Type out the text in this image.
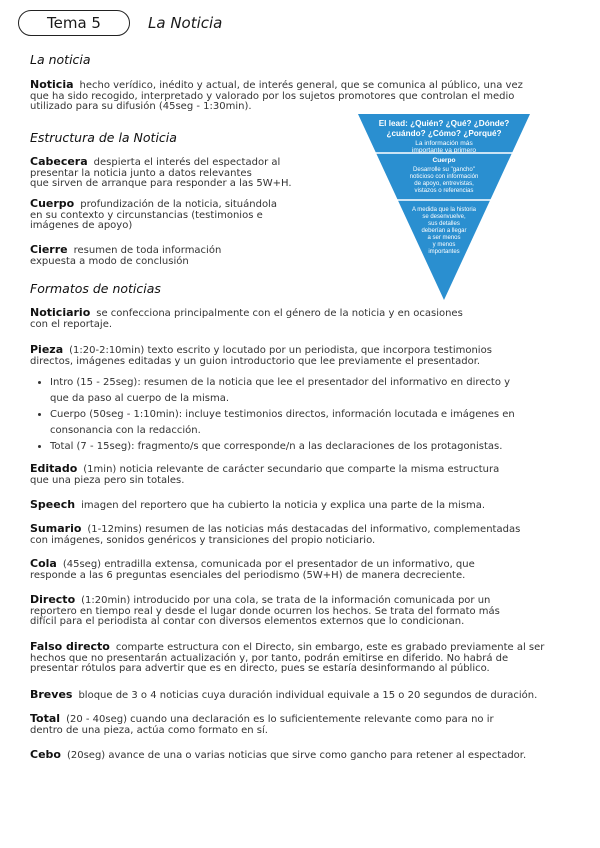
Tema 5	La Noticia
La noticia
Noticia hecho verídico, inédito y actual, de interés general, que se comunica al público, una vez
que ha sido recogido, interpretado y valorado por los sujetos promotores que controlan el medio
utilizado para su difusión (45seg - 1:30min).
Estructura de la Noticia
Cabecera despierta el interés del espectador al
presentar la noticia junto a datos relevantes
que sirven de arranque para responder a las 5W+H.
Cuerpo profundización de la noticia, situándola
en su contexto y circunstancias (testimonios e
imágenes de apoyo)
Cierre resumen de toda información
expuesta a modo de conclusión
El lead: ¿Quién? ¿Qué? ¿Dónde?
¿cuándo? ¿Cómo? ¿Porqué?
La información más
importante va primero
Cuerpo
Desarrolle su "gancho"
noticioso con información
de apoyo, entrevistas,
vistazos o referencias
A medida que la historia
se desenvuelve,
sus detalles
deberían a llegar
a ser menos
y menos
importantes
Formatos de noticias
Noticiario se confecciona principalmente con el género de la noticia y en ocasiones
con el reportaje.
Pieza (1:20-2:10min) texto escrito y locutado por un periodista, que incorpora testimonios
directos, imágenes editadas y un guion introductorio que lee previamente el presentador.
• Intro (15 - 25seg): resumen de la noticia que lee el presentador del informativo en directo y
que da paso al cuerpo de la misma.
• Cuerpo (50seg - 1:10min): incluye testimonios directos, información locutada e imágenes en
consonancia con la redacción.
• Total (7 - 15seg): fragmento/s que corresponde/n a las declaraciones de los protagonistas.
Editado (1min) noticia relevante de carácter secundario que comparte la misma estructura
que una pieza pero sin totales.
Speech imagen del reportero que ha cubierto la noticia y explica una parte de la misma.
Sumario (1-12mins) resumen de las noticias más destacadas del informativo, complementadas
con imágenes, sonidos genéricos y transiciones del propio noticiario.
Cola (45seg) entradilla extensa, comunicada por el presentador de un informativo, que
responde a las 6 preguntas esenciales del periodismo (5W+H) de manera decreciente.
Directo (1:20min) introducido por una cola, se trata de la información comunicada por un
reportero en tiempo real y desde el lugar donde ocurren los hechos. Se trata del formato más
difícil para el periodista al contar con diversos elementos externos que lo condicionan.
Falso directo comparte estructura con el Directo, sin embargo, este es grabado previamente al ser
hechos que no presentarán actualización y, por tanto, podrán emitirse en diferido. No habrá de
presentar rótulos para advertir que es en directo, pues se estaría desinformando al público.
Breves bloque de 3 o 4 noticias cuya duración individual equivale a 15 o 20 segundos de duración.
Total (20 - 40seg) cuando una declaración es lo suficientemente relevante como para no ir
dentro de una pieza, actúa como formato en sí.
Cebo (20seg) avance de una o varias noticias que sirve como gancho para retener al espectador.
